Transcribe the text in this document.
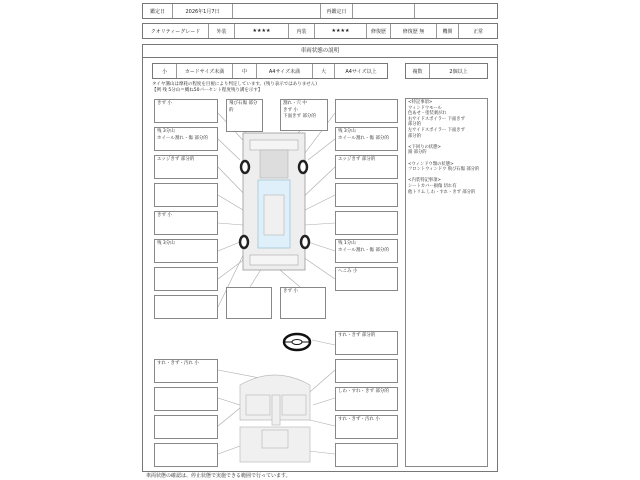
鑑定日	2026年1月7日	再鑑定日
クオリティーグレード	外装	★★★★	内装	★★★★	修復歴	修復歴 無	機関	正常
車両状態の説明
小	カードサイズ未満	中	A4サイズ未満	大	A4サイズ以上	複数	2個以上
タイヤ溝山は摩耗の程度を目視により判定しています。(残り表示ではありません)
【例 残 5分山＝概ね50パーセント程度残り溝を示す】
きず 小
残 3分山
ホイール割れ・傷 部分的
エッジきず 部分的
きず 小
残 3分山
飛び石傷 部分的
割れ・穴 中
きず 小
下面きず 部分的
きず 小
残 3分山
ホイール割れ・傷 部分的
エッジきず 部分的
残 1分山
ホイール割れ・傷 部分的
へこみ 小
すれ・きず 部分的
すれ・きず・汚れ 小
しわ・すれ・きず 部分的
すれ・きず・汚れ 小
<特記事項>
ウィンドウモール
色あせ・塗装剥がれ
右サイドスポイラー 下面きず
部分的
左サイドスポイラー 下面きず
部分的

<下回りの状態>
錆 部分的

<ウィンドウ類の状態>
フロントウィンドウ 飛び石傷 部分的

<内装特記事項>
シートカバー損傷 切れ有
他トリム しわ・すれ・きず 部分的
車両状態の確認は、停止状態で実施できる範囲で行っています。
